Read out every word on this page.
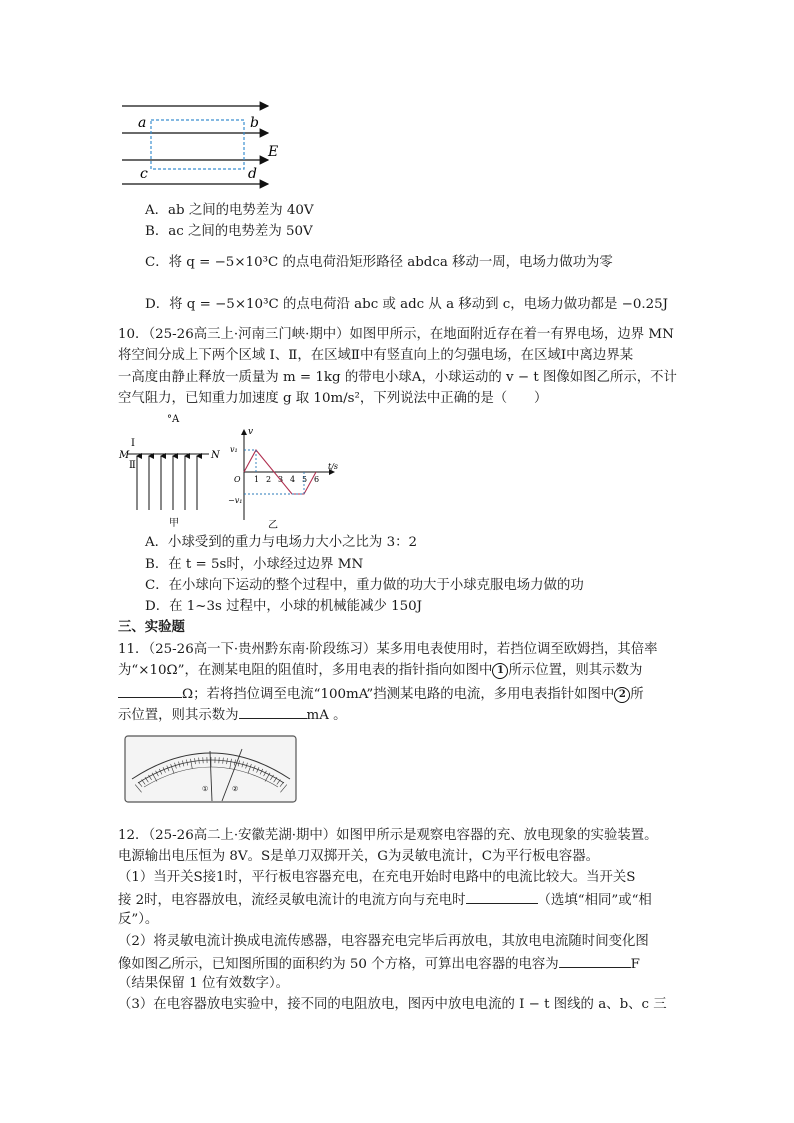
a	b
c	d
E
A．ab 之间的电势差为 40V
B．ac 之间的电势差为 50V
C．将 q = −5×10³C 的点电荷沿矩形路径 abdca 移动一周，电场力做功为零
D．将 q = −5×10³C 的点电荷沿 abc 或 adc 从 a 移动到 c，电场力做功都是 −0.25J
10．（25-26高三上·河南三门峡·期中）如图甲所示，在地面附近存在着一有界电场，边界 MN
将空间分成上下两个区域 Ⅰ、Ⅱ，在区域Ⅱ中有竖直向上的匀强电场，在区域Ⅰ中离边界某
一高度由静止释放一质量为 m = 1kg 的带电小球A，小球运动的 v − t 图像如图乙所示，不计
空气阻力，已知重力加速度 g 取 10m/s²，下列说法中正确的是（　　）
°A
Ⅰ
M
Ⅱ
N
甲
v
t/s
v₁
O
−v₁
1 2 3 4 5 6
乙
A．小球受到的重力与电场力大小之比为 3：2
B．在 t = 5s时，小球经过边界 MN
C．在小球向下运动的整个过程中，重力做的功大于小球克服电场力做的功
D．在 1~3s 过程中，小球的机械能减少 150J
三、实验题
11．（25-26高一下·贵州黔东南·阶段练习）某多用电表使用时，若挡位调至欧姆挡，其倍率
为“×10Ω”，在测某电阻的阻值时，多用电表的指针指向如图中 1 所示位置，则其示数为
Ω；若将挡位调至电流“100mA”挡测某电路的电流，多用电表指针如图中 2 所
示位置，则其示数为	mA 。
①	②
12．（25-26高二上·安徽芜湖·期中）如图甲所示是观察电容器的充、放电现象的实验装置。
电源输出电压恒为 8V。S是单刀双掷开关，G为灵敏电流计，C为平行板电容器。
（1）当开关S接1时，平行板电容器充电，在充电开始时电路中的电流比较大。当开关S
接 2时，电容器放电，流经灵敏电流计的电流方向与充电时	（选填“相同”或“相
反”）。
（2）将灵敏电流计换成电流传感器，电容器充电完毕后再放电，其放电电流随时间变化图
像如图乙所示，已知图所围的面积约为 50 个方格，可算出电容器的电容为	F
（结果保留 1 位有效数字）。
（3）在电容器放电实验中，接不同的电阻放电，图丙中放电电流的 I − t 图线的 a、b、c 三
